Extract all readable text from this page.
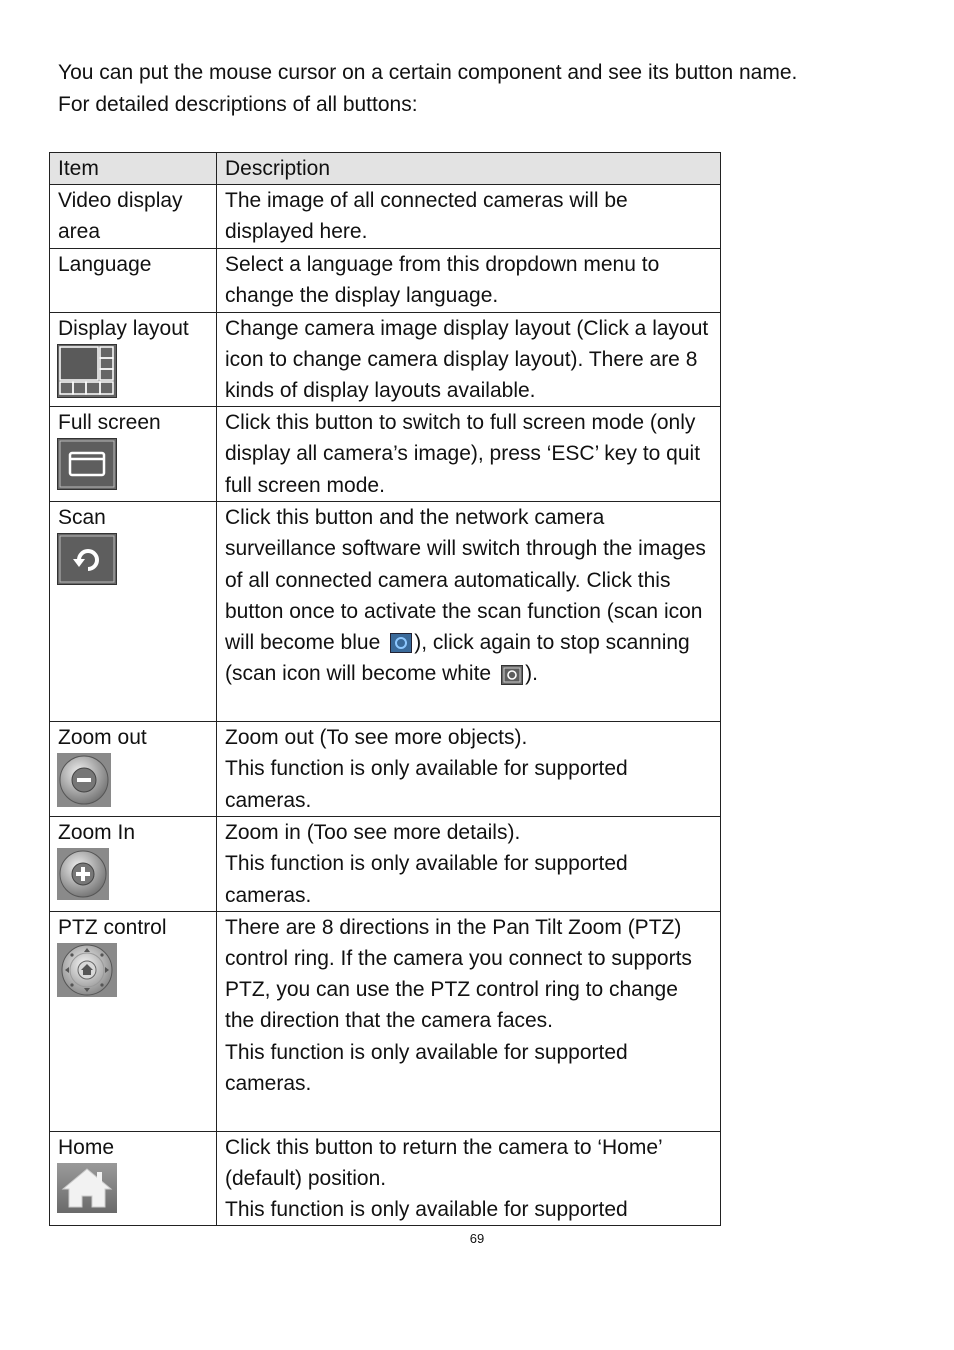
You can put the mouse cursor on a certain component and see its button name.

For detailed descriptions of all buttons:

Item	Description
Video display area	The image of all connected cameras will be displayed here.
Language	Select a language from this dropdown menu to change the display language.
Display layout	Change camera image display layout (Click a layout icon to change camera display layout). There are 8 kinds of display layouts available.
Full screen	Click this button to switch to full screen mode (only display all camera’s image), press ‘ESC’ key to quit full screen mode.
Scan	Click this button and the network camera surveillance software will switch through the images of all connected camera automatically. Click this button once to activate the scan function (scan icon will become blue ), click again to stop scanning (scan icon will become white ).
Zoom out	Zoom out (To see more objects).
This function is only available for supported cameras.

Zoom In	Zoom in (Too see more details).
This function is only available for supported cameras.

PTZ control	There are 8 directions in the Pan Tilt Zoom (PTZ) control ring. If the camera you connect to supports PTZ, you can use the PTZ control ring to change the direction that the camera faces.
This function is only available for supported cameras.

Home	Click this button to return the camera to ‘Home’ (default) position.
This function is only available for supported
69
